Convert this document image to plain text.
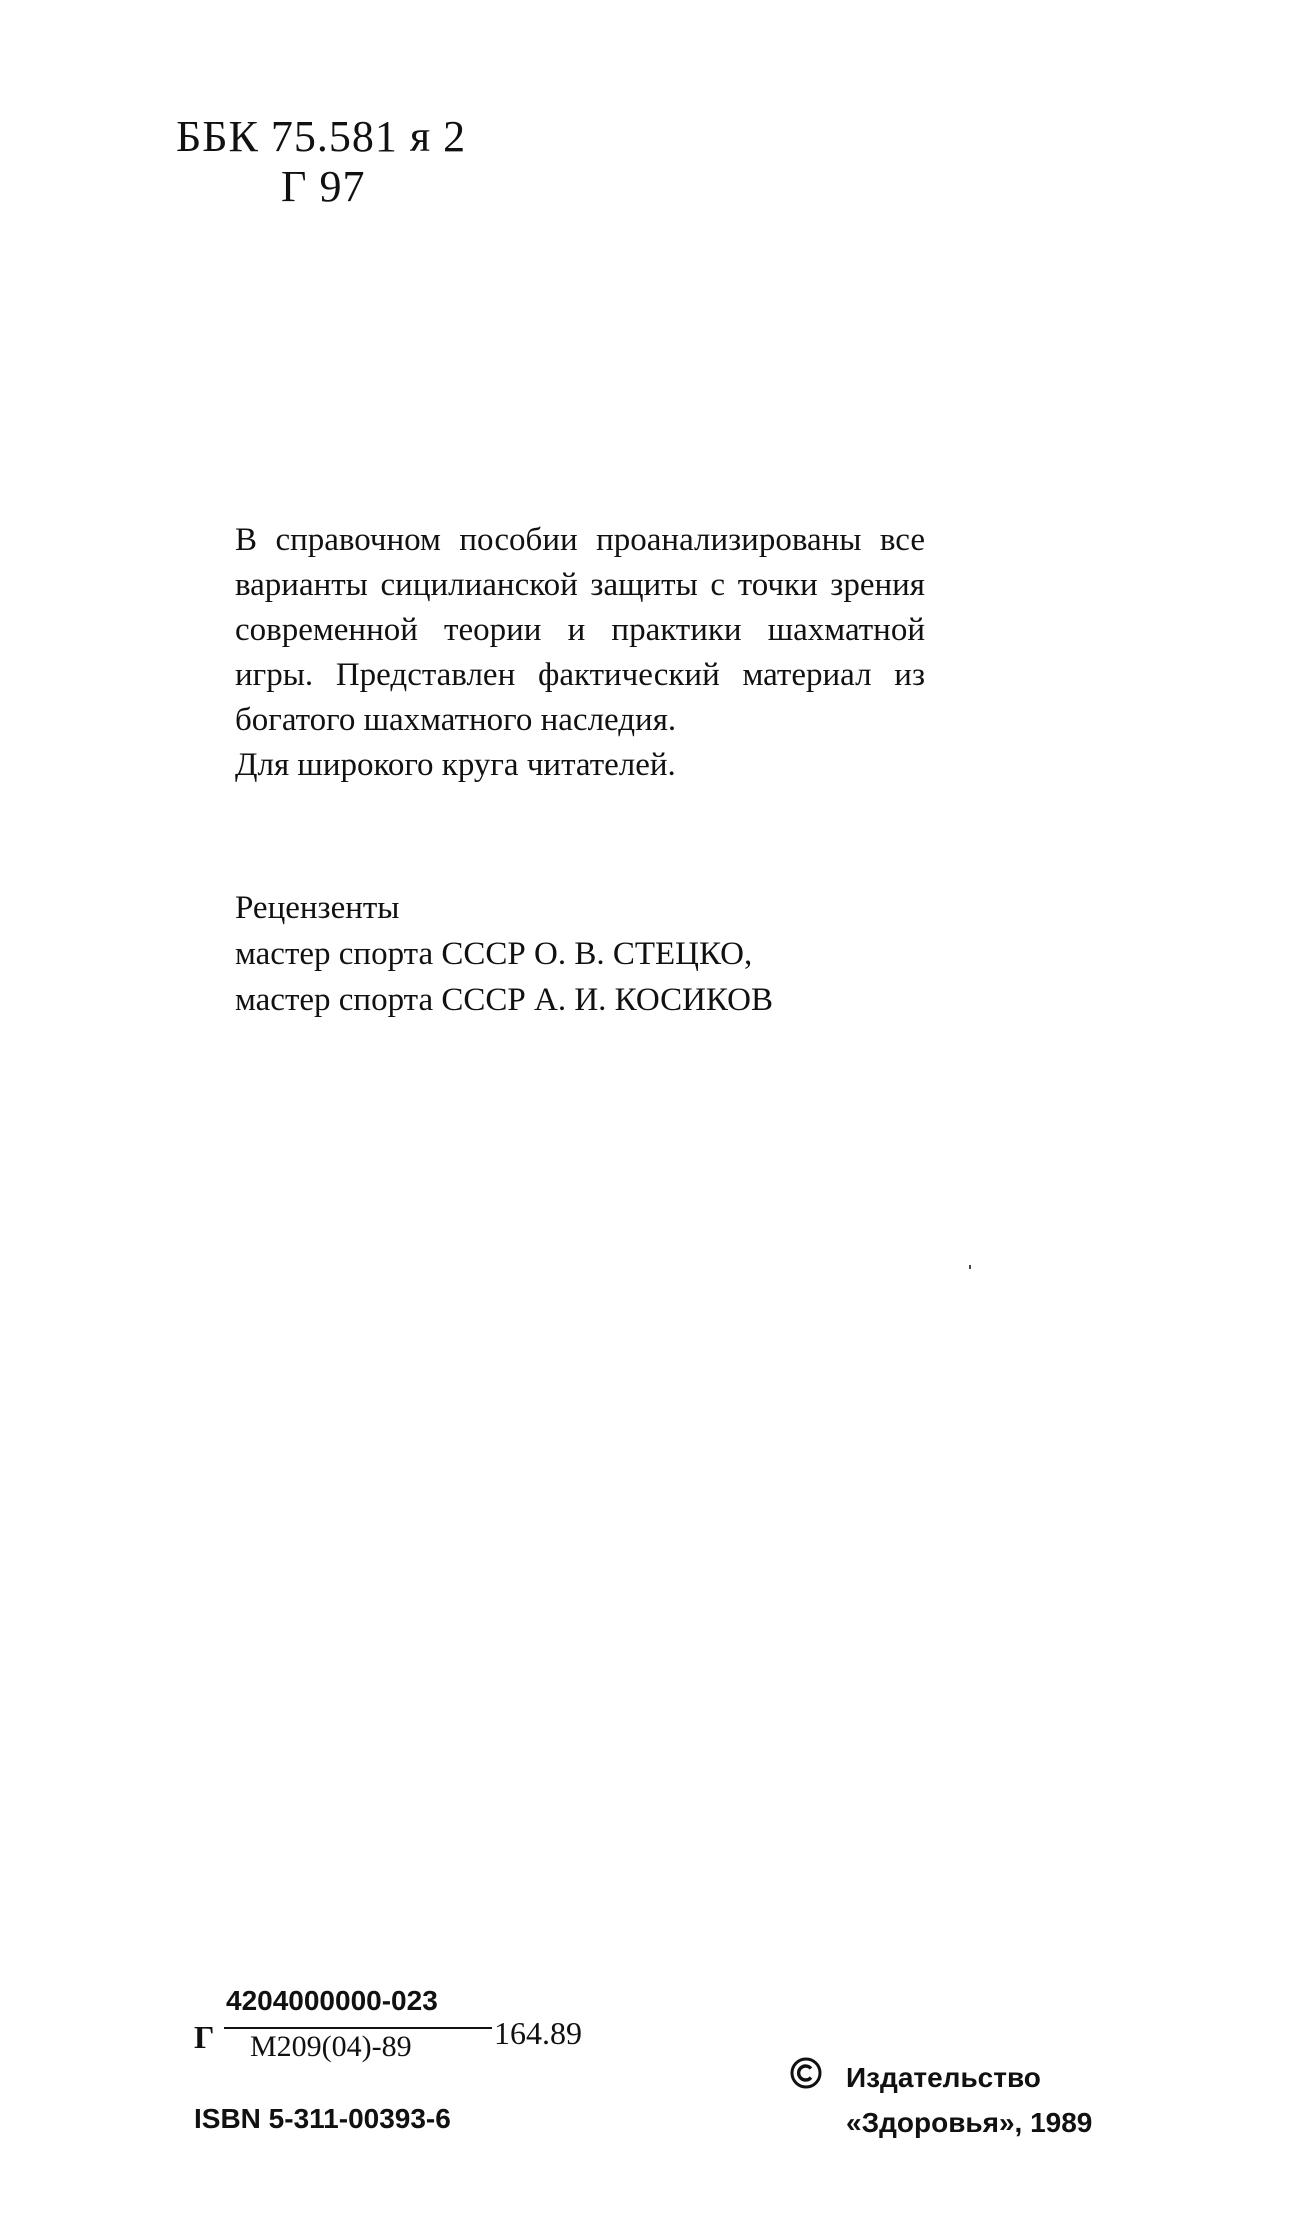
ББК 75.581 я 2
Г 97

В справочном пособии проанализированы все варианты сицилианской защиты с точки зрения современной теории и практики шахматной игры. Представлен фактический материал из богатого шахматного наследия.

Для широкого круга читателей.

Рецензенты
мастер спорта СССР О. В. СТЕЦКО,
мастер спорта СССР А. И. КОСИКОВ
Г
4204000000-023
М209(04)-89	164.89
ISBN 5-311-00393-6
Издательство
«Здоровья», 1989
